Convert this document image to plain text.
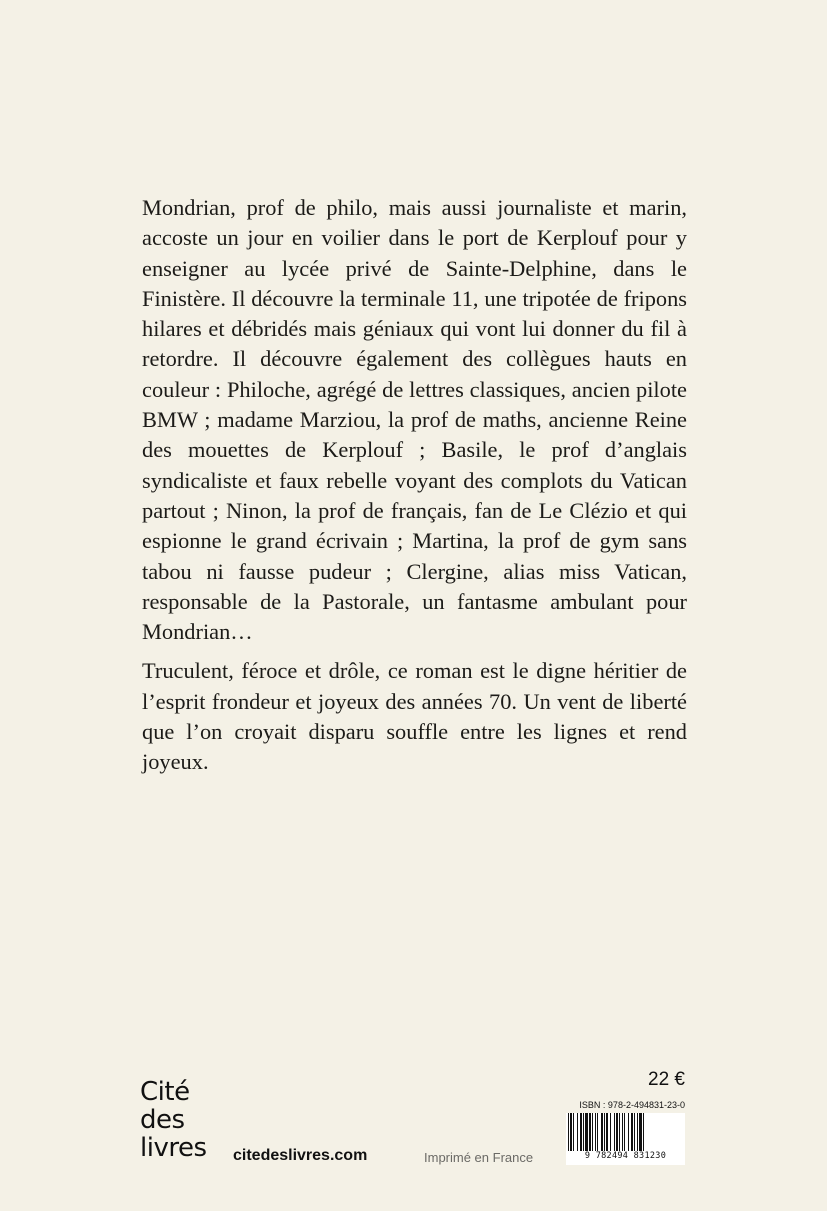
Mondrian, prof de philo, mais aussi journaliste et marin, accoste un jour en voilier dans le port de Kerplouf pour y enseigner au lycée privé de Sainte-Delphine, dans le Finistère. Il découvre la terminale 11, une tripotée de fripons hilares et débridés mais géniaux qui vont lui donner du fil à retordre. Il découvre également des collègues hauts en couleur : Philoche, agrégé de lettres classiques, ancien pilote BMW ; madame Marziou, la prof de maths, ancienne Reine des mouettes de Kerplouf ; Basile, le prof d’anglais syndicaliste et faux rebelle voyant des complots du Vatican partout ; Ninon, la prof de français, fan de Le Clézio et qui espionne le grand écrivain ; Martina, la prof de gym sans tabou ni fausse pudeur ; Clergine, alias miss Vatican, responsable de la Pastorale, un fantasme ambulant pour Mondrian…

Truculent, féroce et drôle, ce roman est le digne héritier de l’esprit frondeur et joyeux des années 70. Un vent de liberté que l’on croyait disparu souffle entre les lignes et rend joyeux.

Cité
des
livres citedeslivres.com	Imprimé en France
22 €
ISBN : 978-2-494831-23-0
9 782494 831230
